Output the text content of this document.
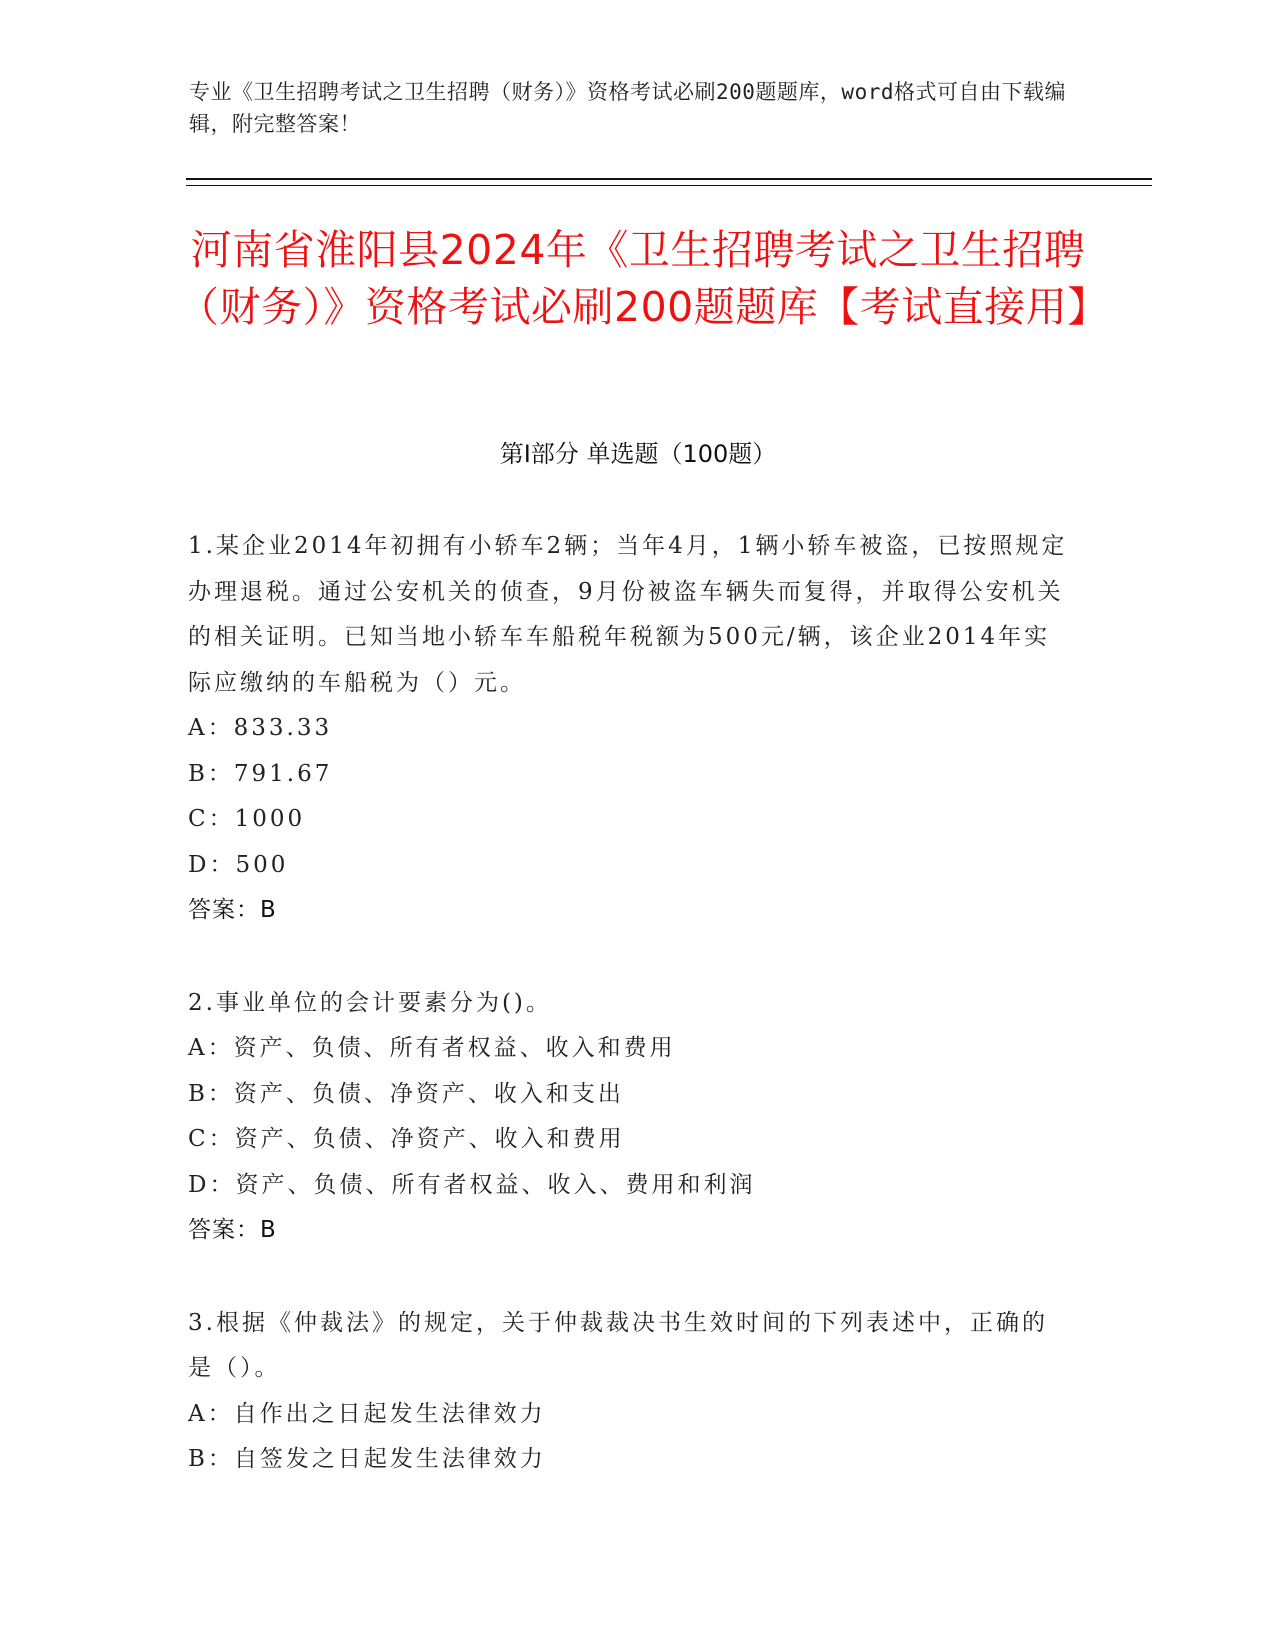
专业《卫生招聘考试之卫生招聘（财务）》资格考试必刷200题题库，word格式可自由下载编辑，附完整答案！
河南省淮阳县2024年《卫生招聘考试之卫生招聘（财务）》资格考试必刷200题题库【考试直接用】
第I部分 单选题（100题）
1.某企业2014年初拥有小轿车2辆；当年4月，1辆小轿车被盗，已按照规定办理退税。通过公安机关的侦查，9月份被盗车辆失而复得，并取得公安机关的相关证明。已知当地小轿车车船税年税额为500元/辆，该企业2014年实际应缴纳的车船税为（）元。
A：833.33
B：791.67
C：1000
D：500
答案：B
2.事业单位的会计要素分为()。
A：资产、负债、所有者权益、收入和费用
B：资产、负债、净资产、收入和支出
C：资产、负债、净资产、收入和费用
D：资产、负债、所有者权益、收入、费用和利润
答案：B
3.根据《仲裁法》的规定，关于仲裁裁决书生效时间的下列表述中，正确的是（）。
A：自作出之日起发生法律效力
B：自签发之日起发生法律效力
